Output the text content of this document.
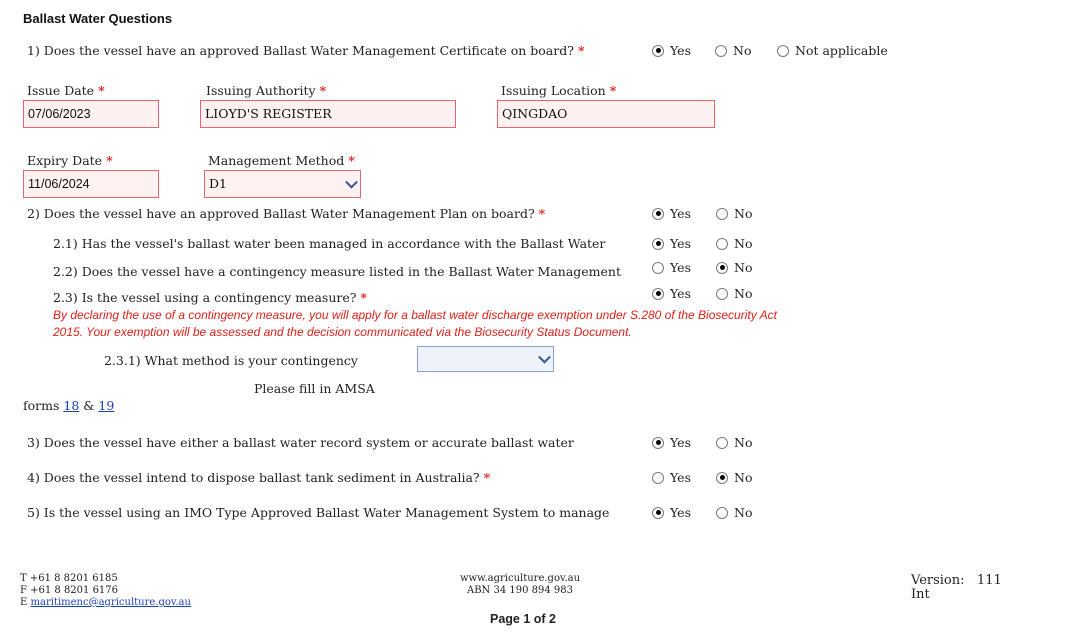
Ballast Water Questions
1) Does the vessel have an approved Ballast Water Management Certificate on board? *	Yes	No	Not applicable
Issue Date *	Issuing Authority *	Issuing Location *
07/06/2023	LIOYD'S REGISTER	QINGDAO
Expiry Date *	Management Method *
11/06/2024	D1
2) Does the vessel have an approved Ballast Water Management Plan on board? *	Yes	No
2.1) Has the vessel's ballast water been managed in accordance with the Ballast Water	Yes	No
2.2) Does the vessel have a contingency measure listed in the Ballast Water Management	Yes	No
2.3) Is the vessel using a contingency measure? *	Yes	No
By declaring the use of a contingency measure, you will apply for a ballast water discharge exemption under S.280 of the Biosecurity Act
2015. Your exemption will be assessed and the decision communicated via the Biosecurity Status Document.
2.3.1) What method is your contingency
Please fill in AMSA
forms 18 & 19
3) Does the vessel have either a ballast water record system or accurate ballast water	Yes	No
4) Does the vessel intend to dispose ballast tank sediment in Australia? *	Yes	No
5) Is the vessel using an IMO Type Approved Ballast Water Management System to manage	Yes	No
T +61 8 8201 6185
F +61 8 8201 6176
E maritimenc@agriculture.gov.au
www.agriculture.gov.au
ABN 34 190 894 983
Version: 111
Int
Page 1 of 2
